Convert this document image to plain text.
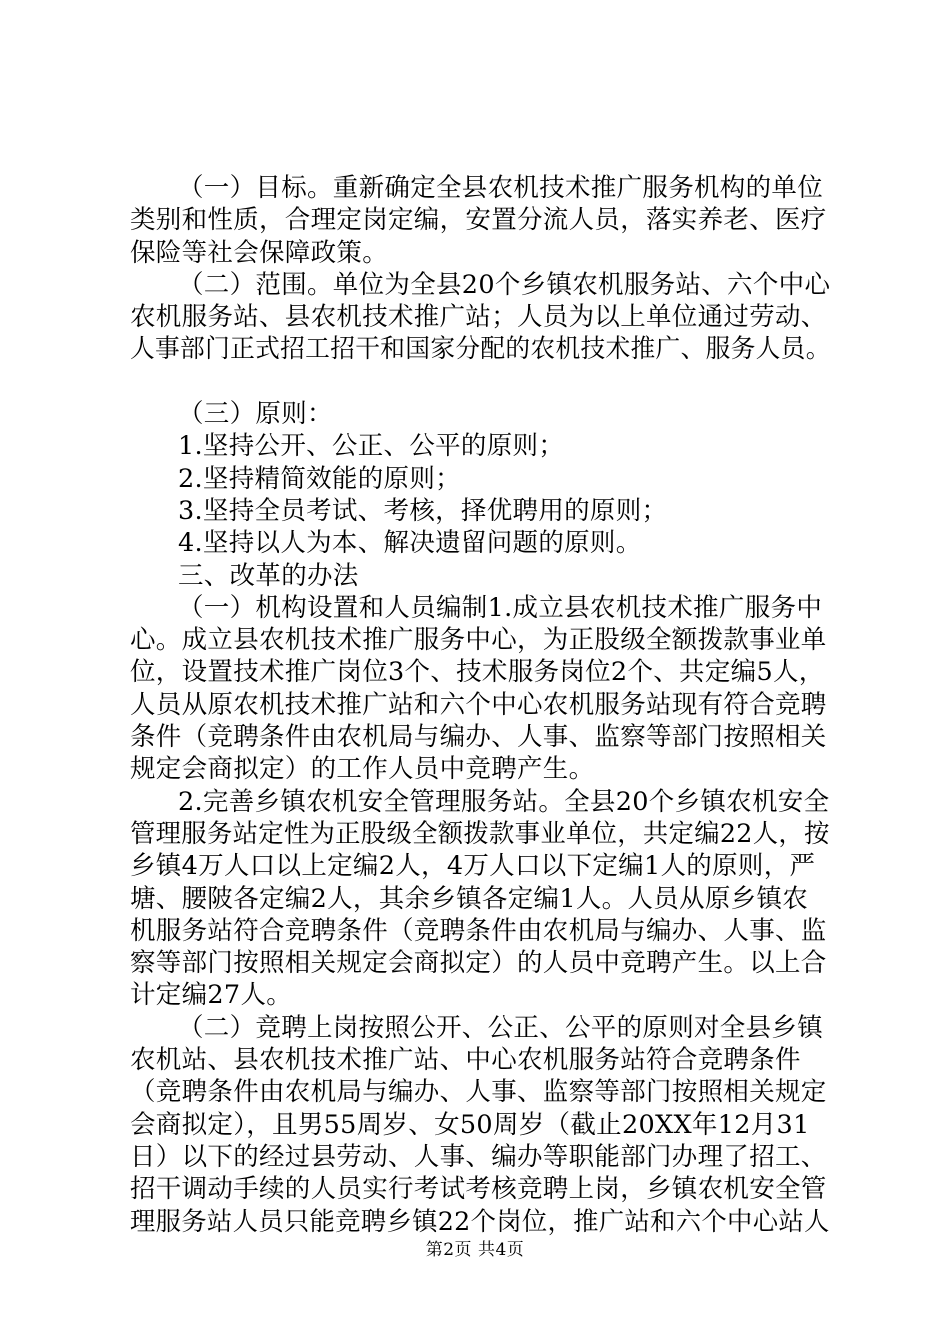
（一）目标。重新确定全县农机技术推广服务机构的单位
类别和性质，合理定岗定编，安置分流人员，落实养老、医疗
保险等社会保障政策。
（二）范围。单位为全县20个乡镇农机服务站、六个中心
农机服务站、县农机技术推广站；人员为以上单位通过劳动、
人事部门正式招工招干和国家分配的农机技术推广、服务人员。
（三）原则：
1.坚持公开、公正、公平的原则；
2.坚持精简效能的原则；
3.坚持全员考试、考核，择优聘用的原则；
4.坚持以人为本、解决遗留问题的原则。
三、改革的办法
（一）机构设置和人员编制1.成立县农机技术推广服务中
心。成立县农机技术推广服务中心，为正股级全额拨款事业单
位，设置技术推广岗位3个、技术服务岗位2个、共定编5人，
人员从原农机技术推广站和六个中心农机服务站现有符合竞聘
条件（竞聘条件由农机局与编办、人事、监察等部门按照相关
规定会商拟定）的工作人员中竞聘产生。
2.完善乡镇农机安全管理服务站。全县20个乡镇农机安全
管理服务站定性为正股级全额拨款事业单位，共定编22人，按
乡镇4万人口以上定编2人，4万人口以下定编1人的原则，严
塘、腰陂各定编2人，其余乡镇各定编1人。人员从原乡镇农
机服务站符合竞聘条件（竞聘条件由农机局与编办、人事、监
察等部门按照相关规定会商拟定）的人员中竞聘产生。以上合
计定编27人。
（二）竞聘上岗按照公开、公正、公平的原则对全县乡镇
农机站、县农机技术推广站、中心农机服务站符合竞聘条件
（竞聘条件由农机局与编办、人事、监察等部门按照相关规定
会商拟定），且男55周岁、女50周岁（截止20XX年12月31
日）以下的经过县劳动、人事、编办等职能部门办理了招工、
招干调动手续的人员实行考试考核竞聘上岗，乡镇农机安全管
理服务站人员只能竞聘乡镇22个岗位，推广站和六个中心站人
第2页 共4页
